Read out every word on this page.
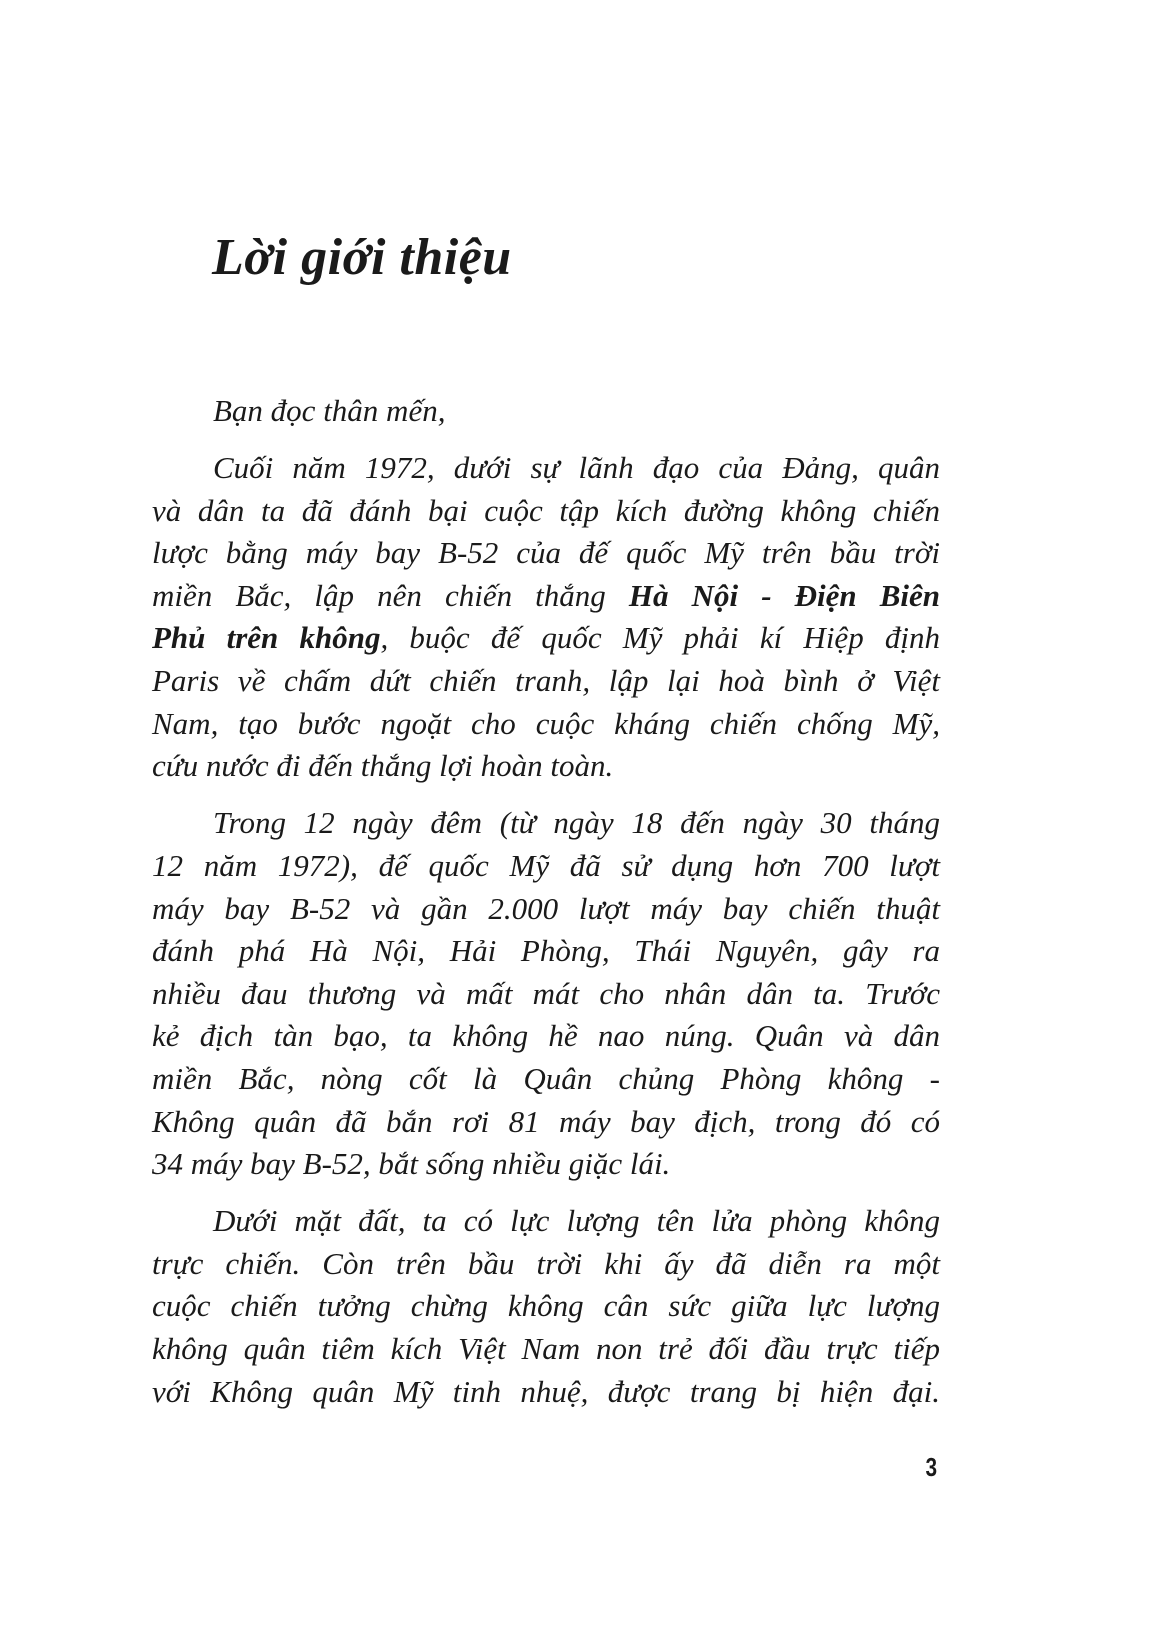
Lời giới thiệu
Bạn đọc thân mến,
Cuối năm 1972, dưới sự lãnh đạo của Đảng, quân
và dân ta đã đánh bại cuộc tập kích đường không chiến
lược bằng máy bay B-52 của đế quốc Mỹ trên bầu trời
miền Bắc, lập nên chiến thắng Hà Nội - Điện Biên
Phủ trên không, buộc đế quốc Mỹ phải kí Hiệp định
Paris về chấm dứt chiến tranh, lập lại hoà bình ở Việt
Nam, tạo bước ngoặt cho cuộc kháng chiến chống Mỹ,
cứu nước đi đến thắng lợi hoàn toàn.
Trong 12 ngày đêm (từ ngày 18 đến ngày 30 tháng
12 năm 1972), đế quốc Mỹ đã sử dụng hơn 700 lượt
máy bay B-52 và gần 2.000 lượt máy bay chiến thuật
đánh phá Hà Nội, Hải Phòng, Thái Nguyên, gây ra
nhiều đau thương và mất mát cho nhân dân ta. Trước
kẻ địch tàn bạo, ta không hề nao núng. Quân và dân
miền Bắc, nòng cốt là Quân chủng Phòng không -
Không quân đã bắn rơi 81 máy bay địch, trong đó có
34 máy bay B-52, bắt sống nhiều giặc lái.
Dưới mặt đất, ta có lực lượng tên lửa phòng không
trực chiến. Còn trên bầu trời khi ấy đã diễn ra một
cuộc chiến tưởng chừng không cân sức giữa lực lượng
không quân tiêm kích Việt Nam non trẻ đối đầu trực tiếp
với Không quân Mỹ tinh nhuệ, được trang bị hiện đại.
3
